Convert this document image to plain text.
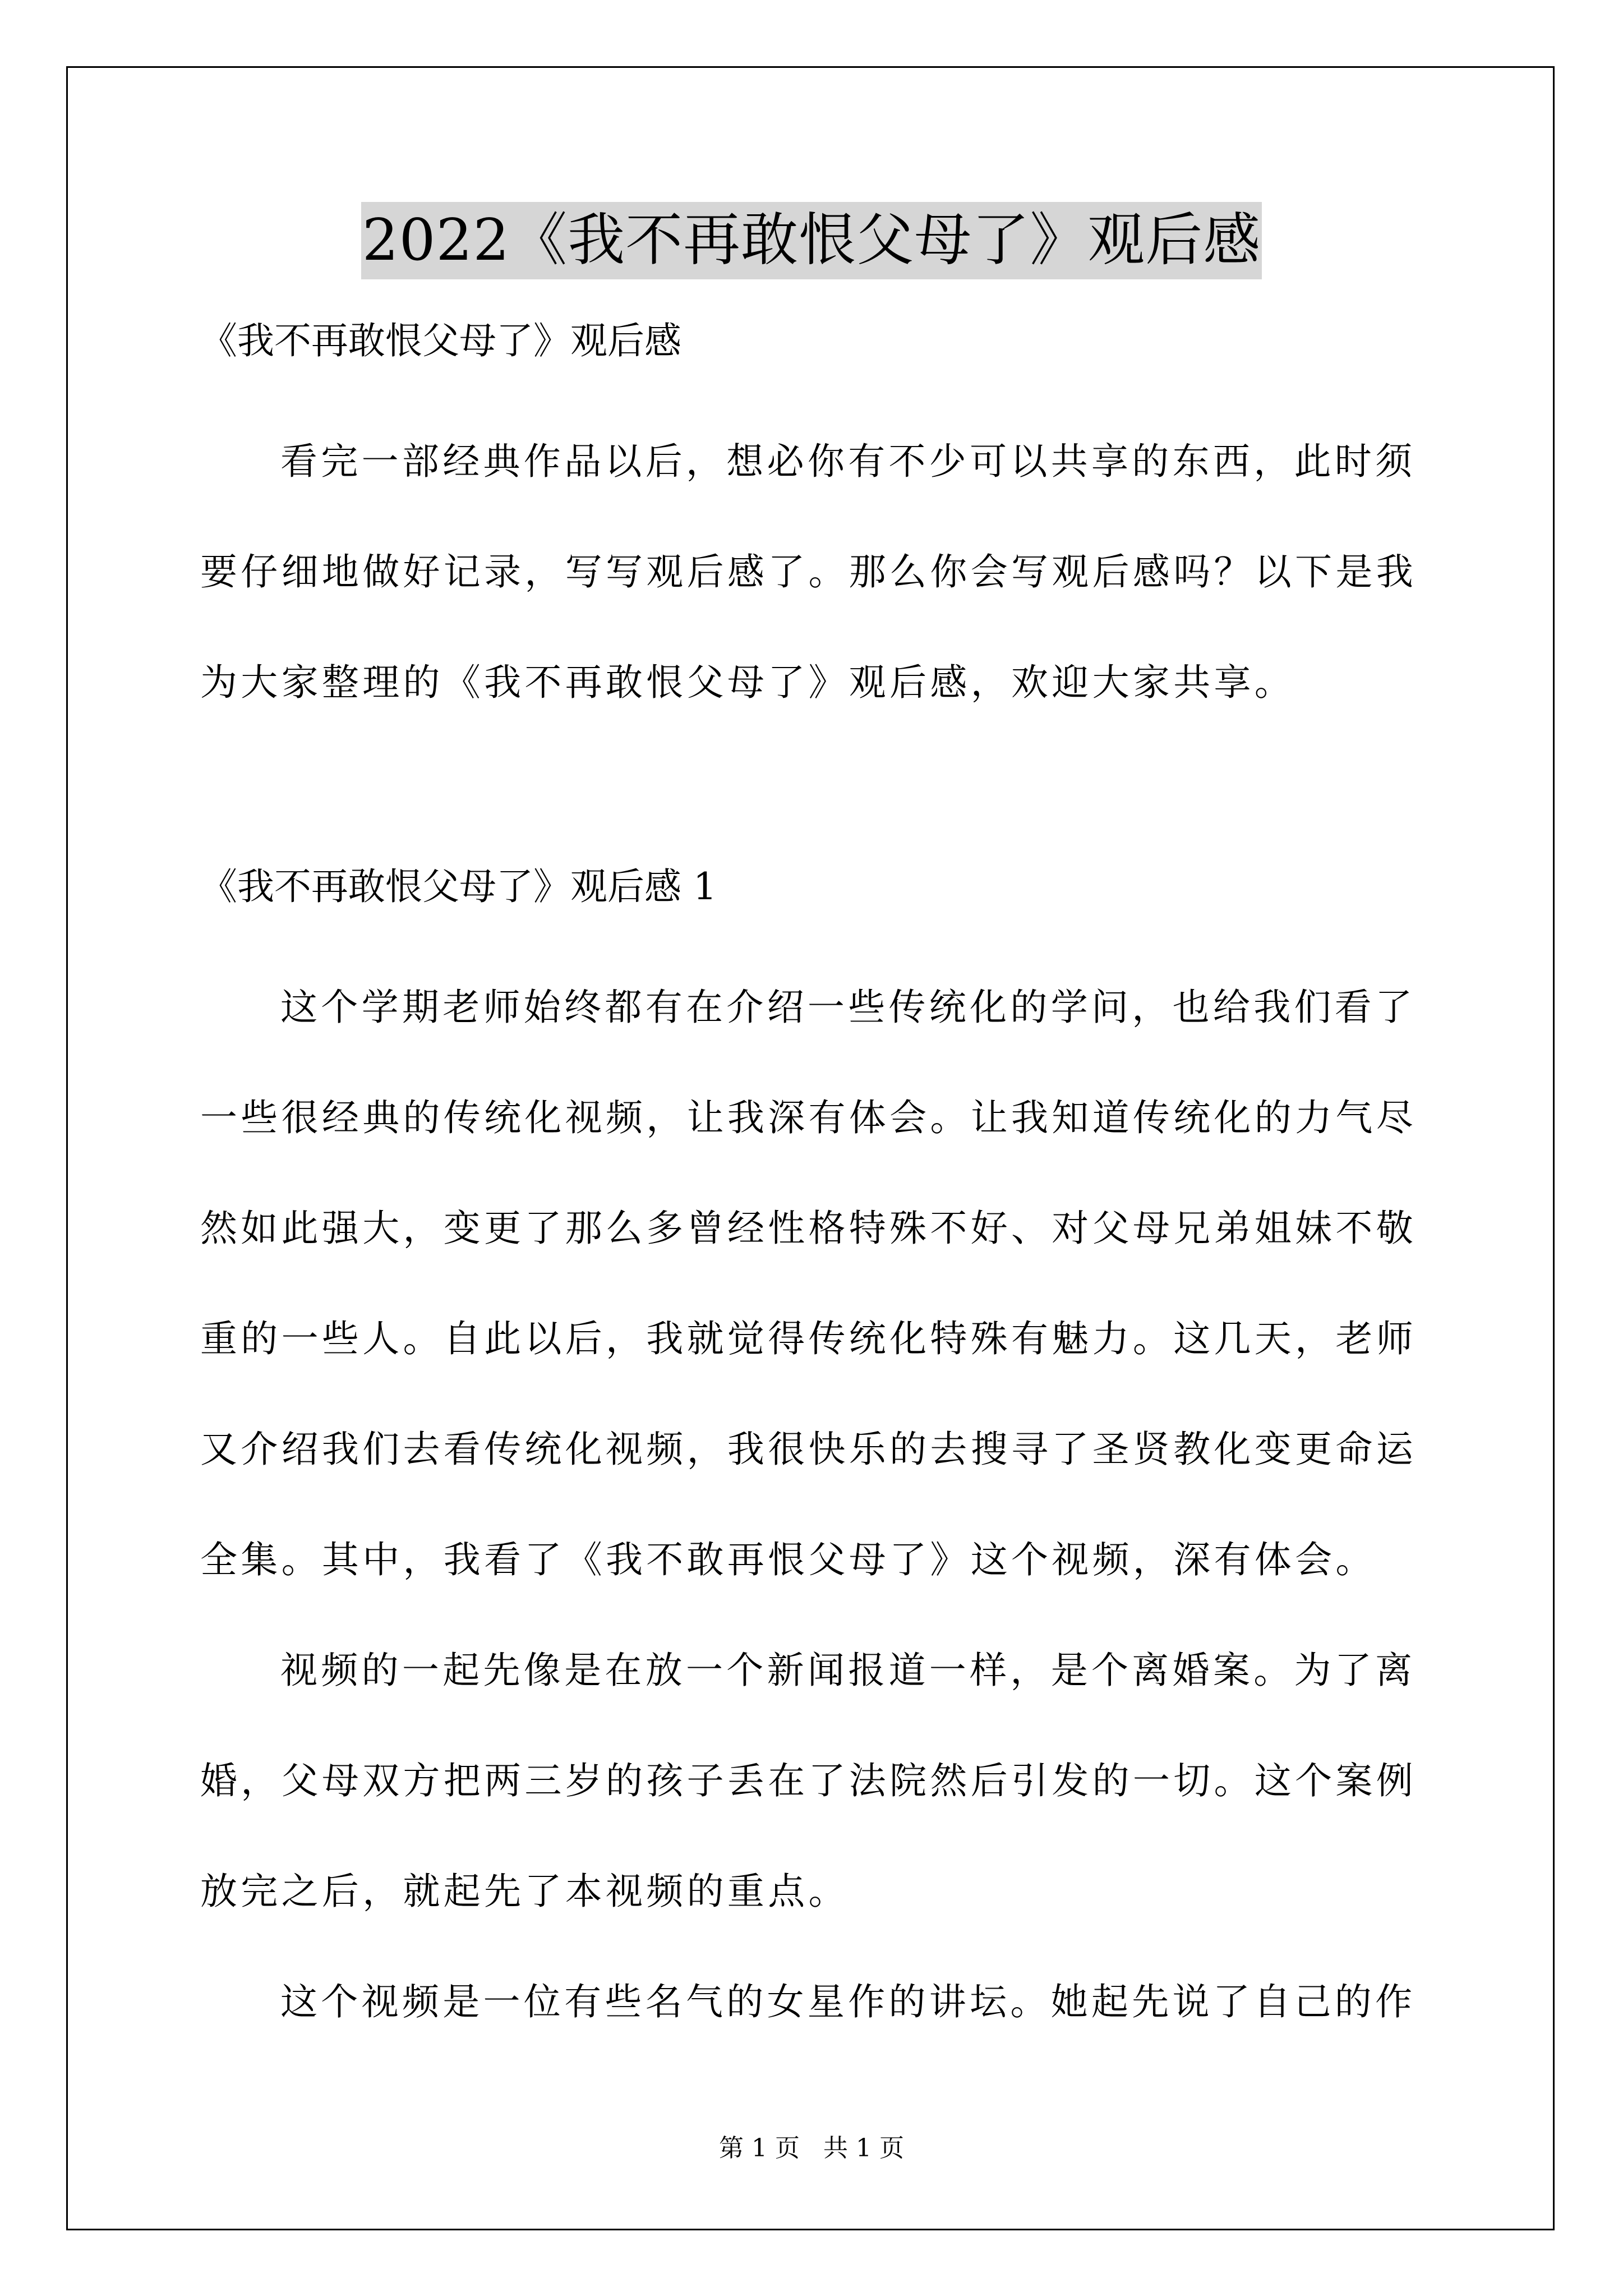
2022《我不再敢恨父母了》观后感
《我不再敢恨父母了》观后感
看完一部经典作品以后，想必你有不少可以共享的东西，此时须
要仔细地做好记录，写写观后感了。那么你会写观后感吗？以下是我
为大家整理的《我不再敢恨父母了》观后感，欢迎大家共享。
《我不再敢恨父母了》观后感 1
这个学期老师始终都有在介绍一些传统化的学问，也给我们看了
一些很经典的传统化视频，让我深有体会。让我知道传统化的力气尽
然如此强大，变更了那么多曾经性格特殊不好、对父母兄弟姐妹不敬
重的一些人。自此以后，我就觉得传统化特殊有魅力。这几天，老师
又介绍我们去看传统化视频，我很快乐的去搜寻了圣贤教化变更命运
全集。其中，我看了《我不敢再恨父母了》这个视频，深有体会。
视频的一起先像是在放一个新闻报道一样，是个离婚案。为了离
婚，父母双方把两三岁的孩子丢在了法院然后引发的一切。这个案例
放完之后，就起先了本视频的重点。
这个视频是一位有些名气的女星作的讲坛。她起先说了自己的作
第 1 页   共 1 页
